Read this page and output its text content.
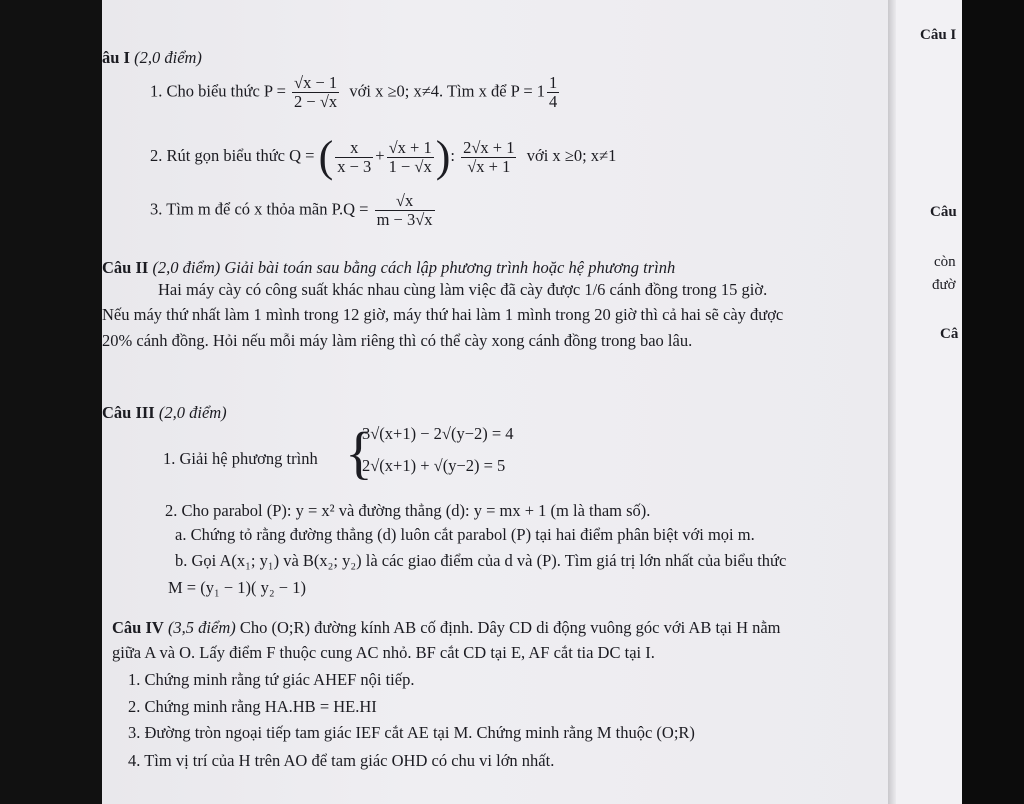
Câu I
Câu
còn
đườ
Câ
âu I (2,0 điểm)
1. Cho biểu thức $P = \frac{√x - 1}{2 - √x}$ với x ≥0; x≠4. Tìm x để $P = 1 \frac{1}{4}$
2. Rút gọn biểu thức Q = ( $\frac{x}{x - 3} + \frac{√x + 1}{1 - √x}$ ): $\frac{2√x + 1}{√x + 1}$ với x ≥0; x≠1
3. Tìm m để có x thỏa mãn $P.Q = \frac{√x}{m - 3√x}$
Câu II (2,0 điểm) Giải bài toán sau bằng cách lập phương trình hoặc hệ phương trình
Hai máy cày có công suất khác nhau cùng làm việc đã cày được 1/6 cánh đồng trong 15 giờ.
Nếu máy thứ nhất làm 1 mình trong 12 giờ, máy thứ hai làm 1 mình trong 20 giờ thì cả hai sẽ cày được
20% cánh đồng. Hỏi nếu mỗi máy làm riêng thì có thể cày xong cánh đồng trong bao lâu.
Câu III (2,0 điểm)
1. Giải hệ phương trình {
3√(x+1) − 2√(y−2) = 4
2√(x+1) + √(y−2) = 5
2. Cho parabol (P): y = x² và đường thẳng (d): y = mx + 1 (m là tham số).
a. Chứng tỏ rằng đường thẳng (d) luôn cắt parabol (P) tại hai điểm phân biệt với mọi m.
b. Gọi A(x₁; y₁) và B(x₂; y₂) là các giao điểm của d và (P). Tìm giá trị lớn nhất của biểu thức
M = (y₁ − 1)( y₂ − 1)
Câu IV (3,5 điểm) Cho (O;R) đường kính AB cố định. Dây CD di động vuông góc với AB tại H nằm
giữa A và O. Lấy điểm F thuộc cung AC nhỏ. BF cắt CD tại E, AF cắt tia DC tại I.
1. Chứng minh rằng tứ giác AHEF nội tiếp.
2. Chứng minh rằng HA.HB = HE.HI
3. Đường tròn ngoại tiếp tam giác IEF cắt AE tại M. Chứng minh rằng M thuộc (O;R)
4. Tìm vị trí của H trên AO để tam giác OHD có chu vi lớn nhất.
